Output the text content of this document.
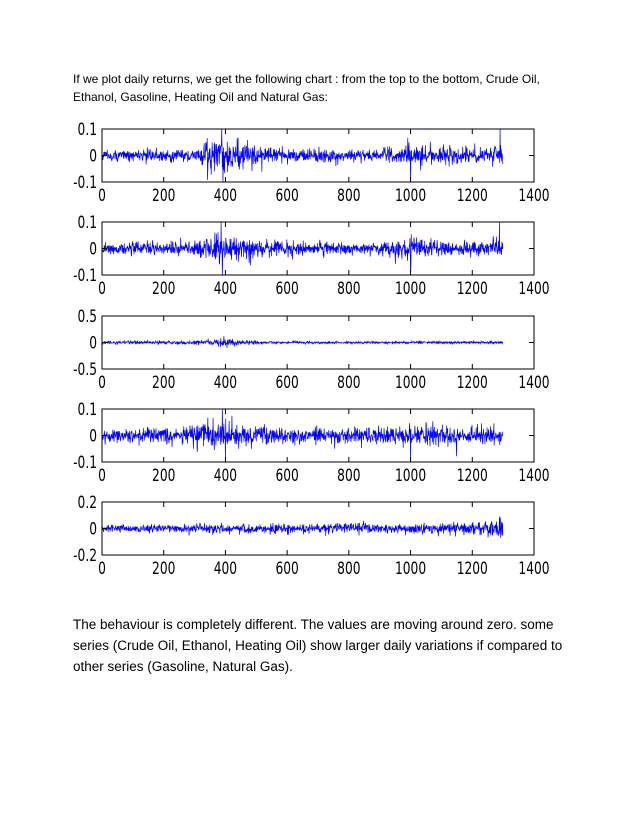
If we plot daily returns, we get the following chart : from the top to the bottom, Crude Oil, Ethanol, Gasoline, Heating Oil and Natural Gas:
0	200 400 600 800 1000 1200 1400
0.1
0
-0.1
0	200 400 600 800 1000 1200 1400
0.1
0
-0.1
0	200 400 600 800 1000 1200 1400
0.5
0
-0.5
0	200 400 600 800 1000 1200 1400
0.1
0
-0.1
0	200 400 600 800 1000 1200 1400
0.2
0
-0.2
The behaviour is completely different. The values are moving around zero. some series (Crude Oil, Ethanol, Heating Oil) show larger daily variations if compared to other series (Gasoline, Natural Gas).
